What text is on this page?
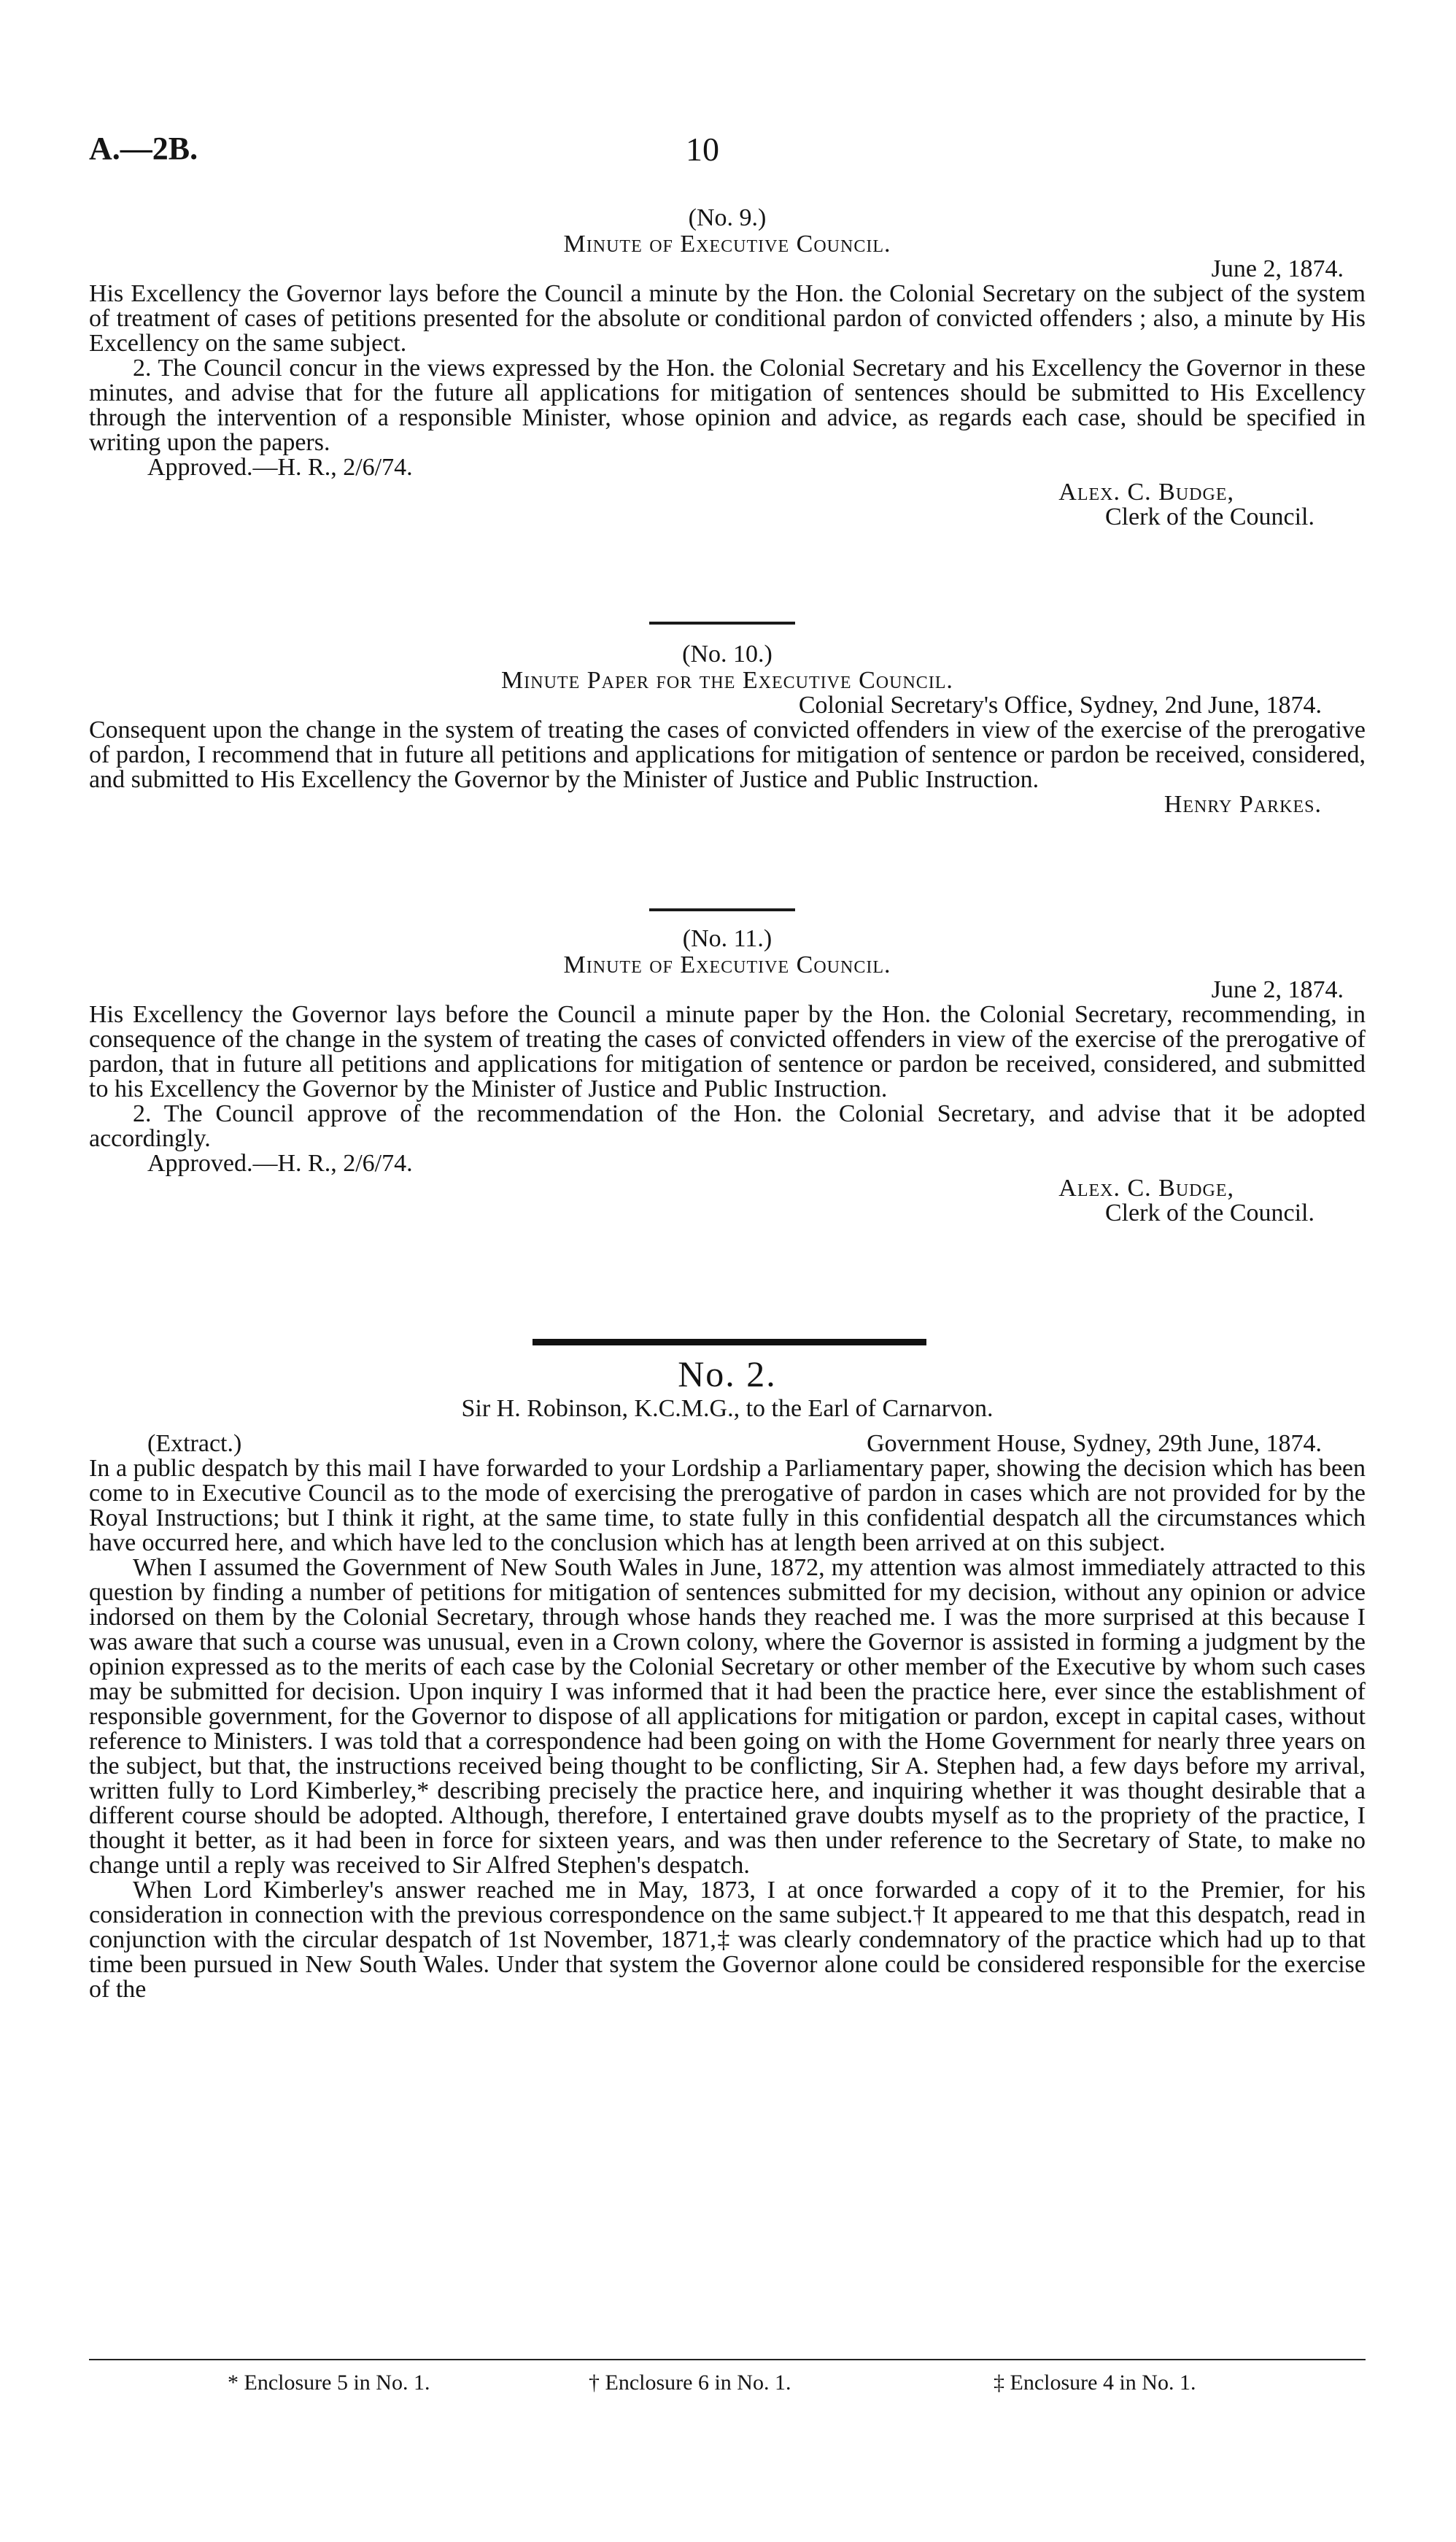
A.—2B.	10
(No. 9.)
Minute of Executive Council.
June 2, 1874.

His Excellency the Governor lays before the Council a minute by the Hon. the Colonial Secretary on the subject of the system of treatment of cases of petitions presented for the absolute or conditional pardon of convicted offenders ; also, a minute by His Excellency on the same subject.

2. The Council concur in the views expressed by the Hon. the Colonial Secretary and his Excellency the Governor in these minutes, and advise that for the future all applications for mitigation of sentences should be submitted to His Excellency through the intervention of a responsible Minister, whose opinion and advice, as regards each case, should be specified in writing upon the papers.

Approved.—H. R., 2/6/74.
Alex. C. Budge,
Clerk of the Council.
(No. 10.)
Minute Paper for the Executive Council.
Colonial Secretary's Office, Sydney, 2nd June, 1874.

Consequent upon the change in the system of treating the cases of convicted offenders in view of the exercise of the prerogative of pardon, I recommend that in future all petitions and applications for mitigation of sentence or pardon be received, considered, and submitted to His Excellency the Governor by the Minister of Justice and Public Instruction.

Henry Parkes.
(No. 11.)
Minute of Executive Council.
June 2, 1874.

His Excellency the Governor lays before the Council a minute paper by the Hon. the Colonial Secretary, recommending, in consequence of the change in the system of treating the cases of convicted offenders in view of the exercise of the prerogative of pardon, that in future all petitions and applications for mitigation of sentence or pardon be received, considered, and submitted to his Excellency the Governor by the Minister of Justice and Public Instruction.

2. The Council approve of the recommendation of the Hon. the Colonial Secretary, and advise that it be adopted accordingly.

Approved.—H. R., 2/6/74.
Alex. C. Budge,
Clerk of the Council.
No. 2.
Sir H. Robinson, K.C.M.G., to the Earl of Carnarvon.
(Extract.)	Government House, Sydney, 29th June, 1874.

In a public despatch by this mail I have forwarded to your Lordship a Parliamentary paper, showing the decision which has been come to in Executive Council as to the mode of exercising the prerogative of pardon in cases which are not provided for by the Royal Instructions; but I think it right, at the same time, to state fully in this confidential despatch all the circumstances which have occurred here, and which have led to the conclusion which has at length been arrived at on this subject.

When I assumed the Government of New South Wales in June, 1872, my attention was almost immediately attracted to this question by finding a number of petitions for mitigation of sentences submitted for my decision, without any opinion or advice indorsed on them by the Colonial Secretary, through whose hands they reached me. I was the more surprised at this because I was aware that such a course was unusual, even in a Crown colony, where the Governor is assisted in forming a judgment by the opinion expressed as to the merits of each case by the Colonial Secretary or other member of the Executive by whom such cases may be submitted for decision. Upon inquiry I was informed that it had been the practice here, ever since the establishment of responsible government, for the Governor to dispose of all applications for mitigation or pardon, except in capital cases, without reference to Ministers. I was told that a correspondence had been going on with the Home Government for nearly three years on the subject, but that, the instructions received being thought to be conflicting, Sir A. Stephen had, a few days before my arrival, written fully to Lord Kimberley,* describing precisely the practice here, and inquiring whether it was thought desirable that a different course should be adopted. Although, therefore, I entertained grave doubts myself as to the propriety of the practice, I thought it better, as it had been in force for sixteen years, and was then under reference to the Secretary of State, to make no change until a reply was received to Sir Alfred Stephen's despatch.

When Lord Kimberley's answer reached me in May, 1873, I at once forwarded a copy of it to the Premier, for his consideration in connection with the previous correspondence on the same subject.† It appeared to me that this despatch, read in conjunction with the circular despatch of 1st November, 1871,‡ was clearly condemnatory of the practice which had up to that time been pursued in New South Wales. Under that system the Governor alone could be considered responsible for the exercise of the

* Enclosure 5 in No. 1.	† Enclosure 6 in No. 1.	‡ Enclosure 4 in No. 1.
